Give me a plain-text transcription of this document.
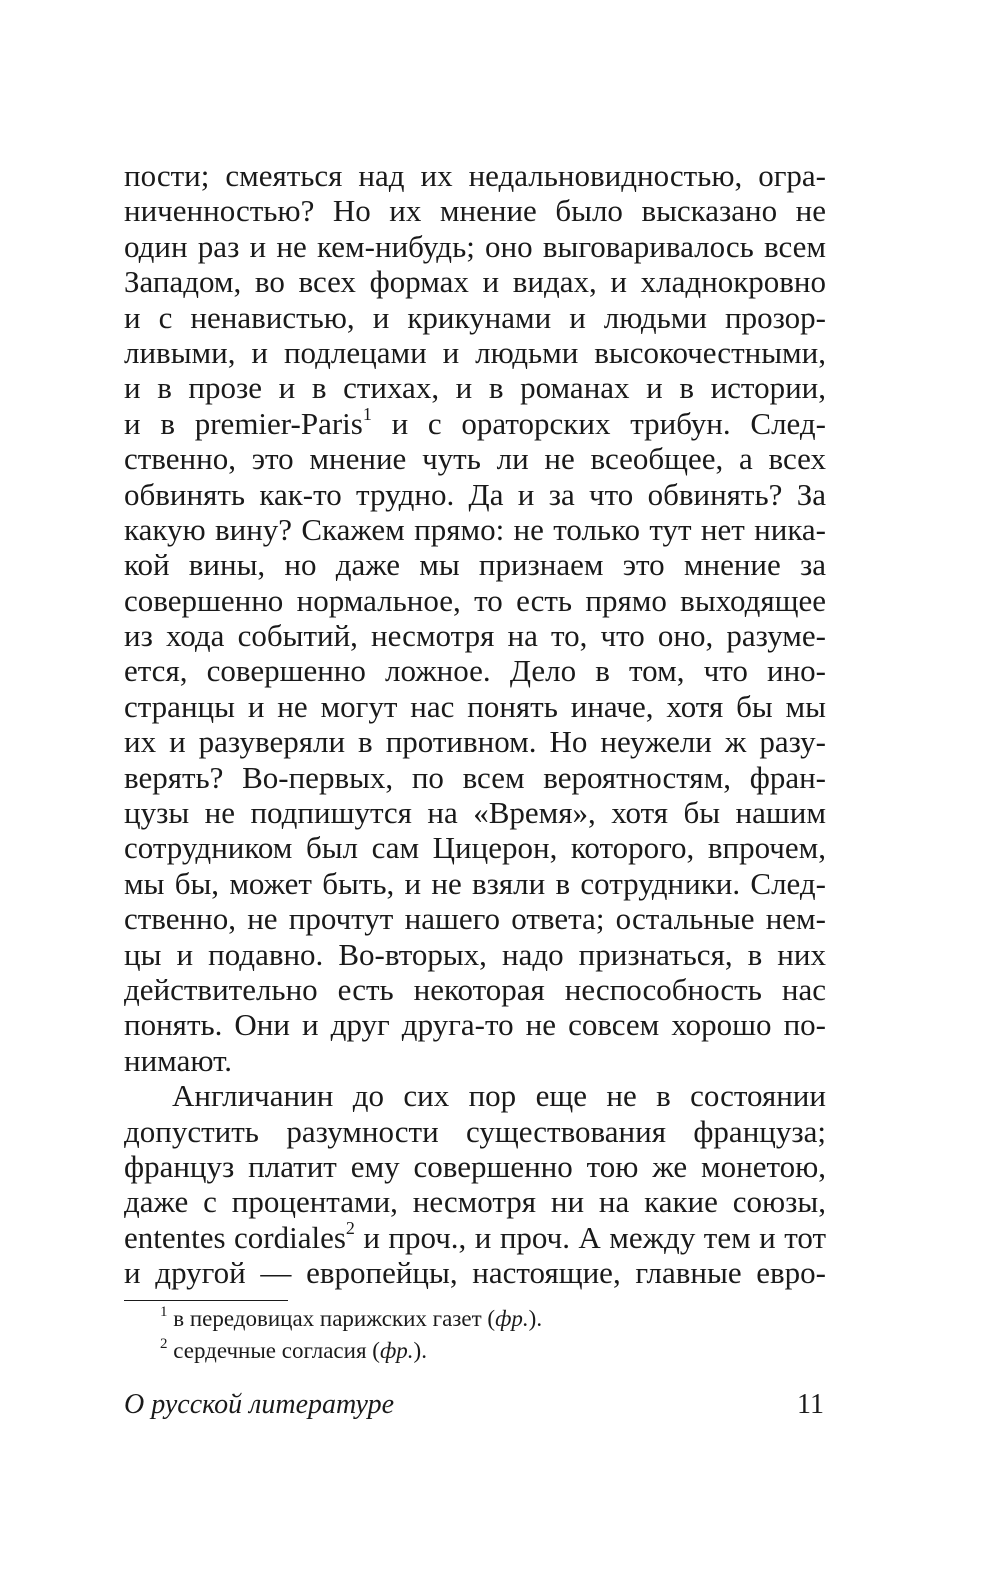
пости; смеяться над их недальновидностью, огра-
ниченностью? Но их мнение было высказано не
один раз и не кем-нибудь; оно выговаривалось всем
Западом, во всех формах и видах, и хладнокровно
и с ненавистью, и крикунами и людьми прозор-
ливыми, и подлецами и людьми высокочестными,
и в прозе и в стихах, и в романах и в истории,
и в premier-Paris$^1$ и с ораторских трибун. След-
ственно, это мнение чуть ли не всеобщее, а всех
обвинять как-то трудно. Да и за что обвинять? За
какую вину? Скажем прямо: не только тут нет ника-
кой вины, но даже мы признаем это мнение за
совершенно нормальное, то есть прямо выходящее
из хода событий, несмотря на то, что оно, разуме-
ется, совершенно ложное. Дело в том, что ино-
странцы и не могут нас понять иначе, хотя бы мы
их и разуверяли в противном. Но неужели ж разу-
верять? Во-первых, по всем вероятностям, фран-
цузы не подпишутся на «Время», хотя бы нашим
сотрудником был сам Цицерон, которого, впрочем,
мы бы, может быть, и не взяли в сотрудники. След-
ственно, не прочтут нашего ответа; остальные нем-
цы и подавно. Во-вторых, надо признаться, в них
действительно есть некоторая неспособность нас
понять. Они и друг друга-то не совсем хорошо по-
нимают.
Англичанин до сих пор еще не в состоянии
допустить разумности существования француза;
француз платит ему совершенно тою же монетою,
даже с процентами, несмотря ни на какие союзы,
ententes cordiales$^2$ и проч., и проч. А между тем и тот
и другой — европейцы, настоящие, главные евро-
$^1$ в передовицах парижских газет (фр.).
$^2$ сердечные согласия (фр.).
О русской литературе	11
